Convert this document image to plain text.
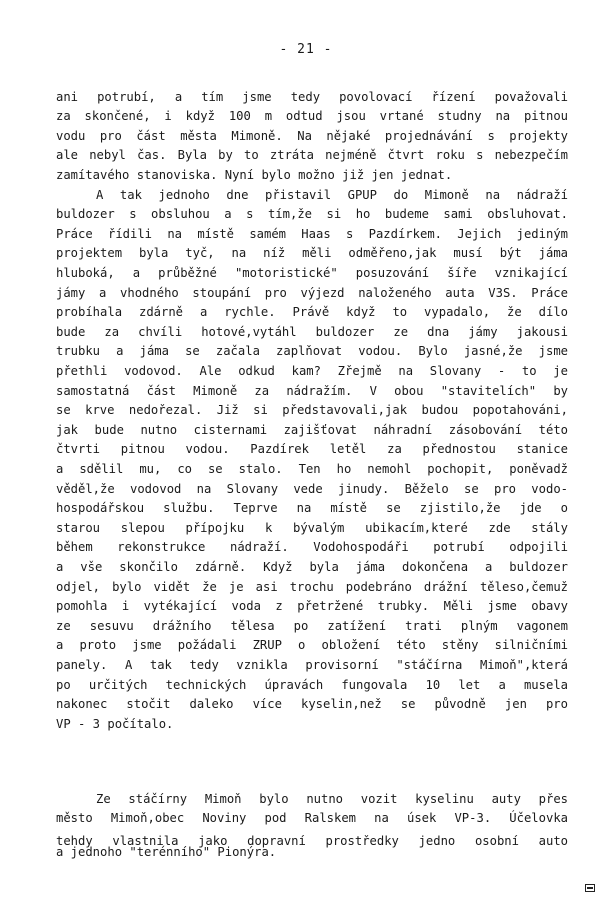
- 21 -
ani potrubí, a tím jsme tedy povolovací řízení považovali
za skončené, i když 100 m odtud jsou vrtané studny na pitnou
vodu pro část města Mimoně. Na nějaké projednávání s projekty
ale nebyl čas. Byla by to ztráta nejméně čtvrt roku s nebezpečím
zamítavého stanoviska. Nyní bylo možno již jen jednat.
A tak jednoho dne přistavil GPUP do Mimoně na nádraží
buldozer s obsluhou a s tím,že si ho budeme sami obsluhovat.
Práce řídili na místě samém Haas s Pazdírkem. Jejich jediným
projektem byla tyč, na níž měli odměřeno,jak musí být jáma
hluboká, a průběžné "motoristické" posuzování šíře vznikající
jámy a vhodného stoupání pro výjezd naloženého auta V3S. Práce
probíhala zdárně a rychle. Právě když to vypadalo, že dílo
bude za chvíli hotové,vytáhl buldozer ze dna jámy jakousi
trubku a jáma se začala zaplňovat vodou. Bylo jasné,že jsme
přethli vodovod. Ale odkud kam? Zřejmě na Slovany - to je
samostatná část Mimoně za nádražím. V obou "stavitelích" by
se krve nedořezal. Již si představovali,jak budou popotahováni,
jak bude nutno cisternami zajišťovat náhradní zásobování této
čtvrti pitnou vodou. Pazdírek letěl za přednostou stanice
a sdělil mu, co se stalo. Ten ho nemohl pochopit, poněvadž
věděl,že vodovod na Slovany vede jinudy. Běželo se pro vodo-
hospodářskou službu. Teprve na místě se zjistilo,že jde o
starou slepou přípojku k bývalým ubikacím,které zde stály
během rekonstrukce nádraží. Vodohospodáři potrubí odpojili
a vše skončilo zdárně. Když byla jáma dokončena a buldozer
odjel, bylo vidět že je asi trochu podebráno drážní těleso,čemuž
pomohla i vytékající voda z přetržené trubky. Měli jsme obavy
ze sesuvu drážního tělesa po zatížení trati plným vagonem
a proto jsme požádali ZRUP o obložení této stěny silničními
panely. A tak tedy vznikla provisorní "stáčírna Mimoň",která
po určitých technických úpravách fungovala 10 let a musela
nakonec stočit daleko více kyselin,než se původně jen pro
VP - 3 počítalo.
Ze stáčírny Mimoň bylo nutno vozit kyselinu auty přes
město Mimoň,obec Noviny pod Ralskem na úsek VP-3. Účelovka
tehdy vlastnila jako dopravní prostředky jedno osobní auto
a jednoho "terénního" Pionýra.
